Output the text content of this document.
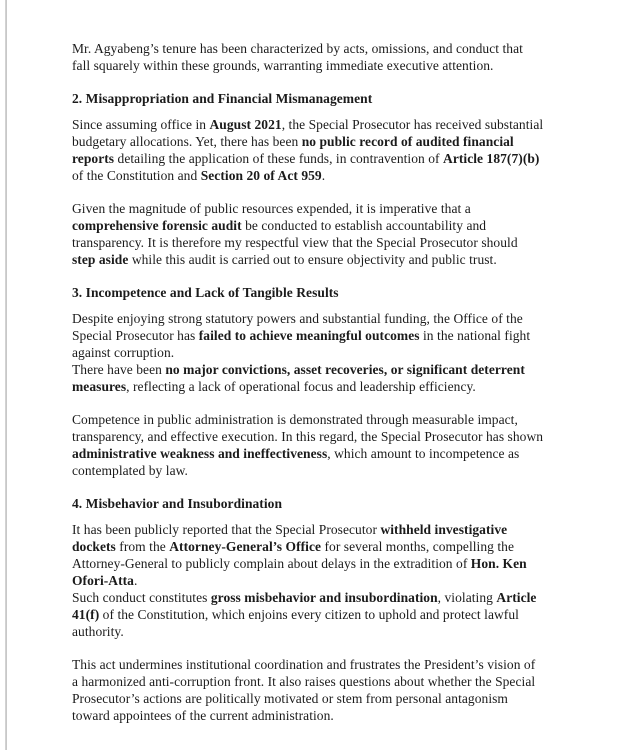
Mr. Agyabeng’s tenure has been characterized by acts, omissions, and conduct that
fall squarely within these grounds, warranting immediate executive attention.
2. Misappropriation and Financial Mismanagement
Since assuming office in August 2021, the Special Prosecutor has received substantial
budgetary allocations. Yet, there has been no public record of audited financial
reports detailing the application of these funds, in contravention of Article 187(7)(b)
of the Constitution and Section 20 of Act 959.
Given the magnitude of public resources expended, it is imperative that a
comprehensive forensic audit be conducted to establish accountability and
transparency. It is therefore my respectful view that the Special Prosecutor should
step aside while this audit is carried out to ensure objectivity and public trust.
3. Incompetence and Lack of Tangible Results
Despite enjoying strong statutory powers and substantial funding, the Office of the
Special Prosecutor has failed to achieve meaningful outcomes in the national fight
against corruption.
There have been no major convictions, asset recoveries, or significant deterrent
measures, reflecting a lack of operational focus and leadership efficiency.
Competence in public administration is demonstrated through measurable impact,
transparency, and effective execution. In this regard, the Special Prosecutor has shown
administrative weakness and ineffectiveness, which amount to incompetence as
contemplated by law.
4. Misbehavior and Insubordination
It has been publicly reported that the Special Prosecutor withheld investigative
dockets from the Attorney-General’s Office for several months, compelling the
Attorney-General to publicly complain about delays in the extradition of Hon. Ken
Ofori-Atta.
Such conduct constitutes gross misbehavior and insubordination, violating Article
41(f) of the Constitution, which enjoins every citizen to uphold and protect lawful
authority.
This act undermines institutional coordination and frustrates the President’s vision of
a harmonized anti-corruption front. It also raises questions about whether the Special
Prosecutor’s actions are politically motivated or stem from personal antagonism
toward appointees of the current administration.
